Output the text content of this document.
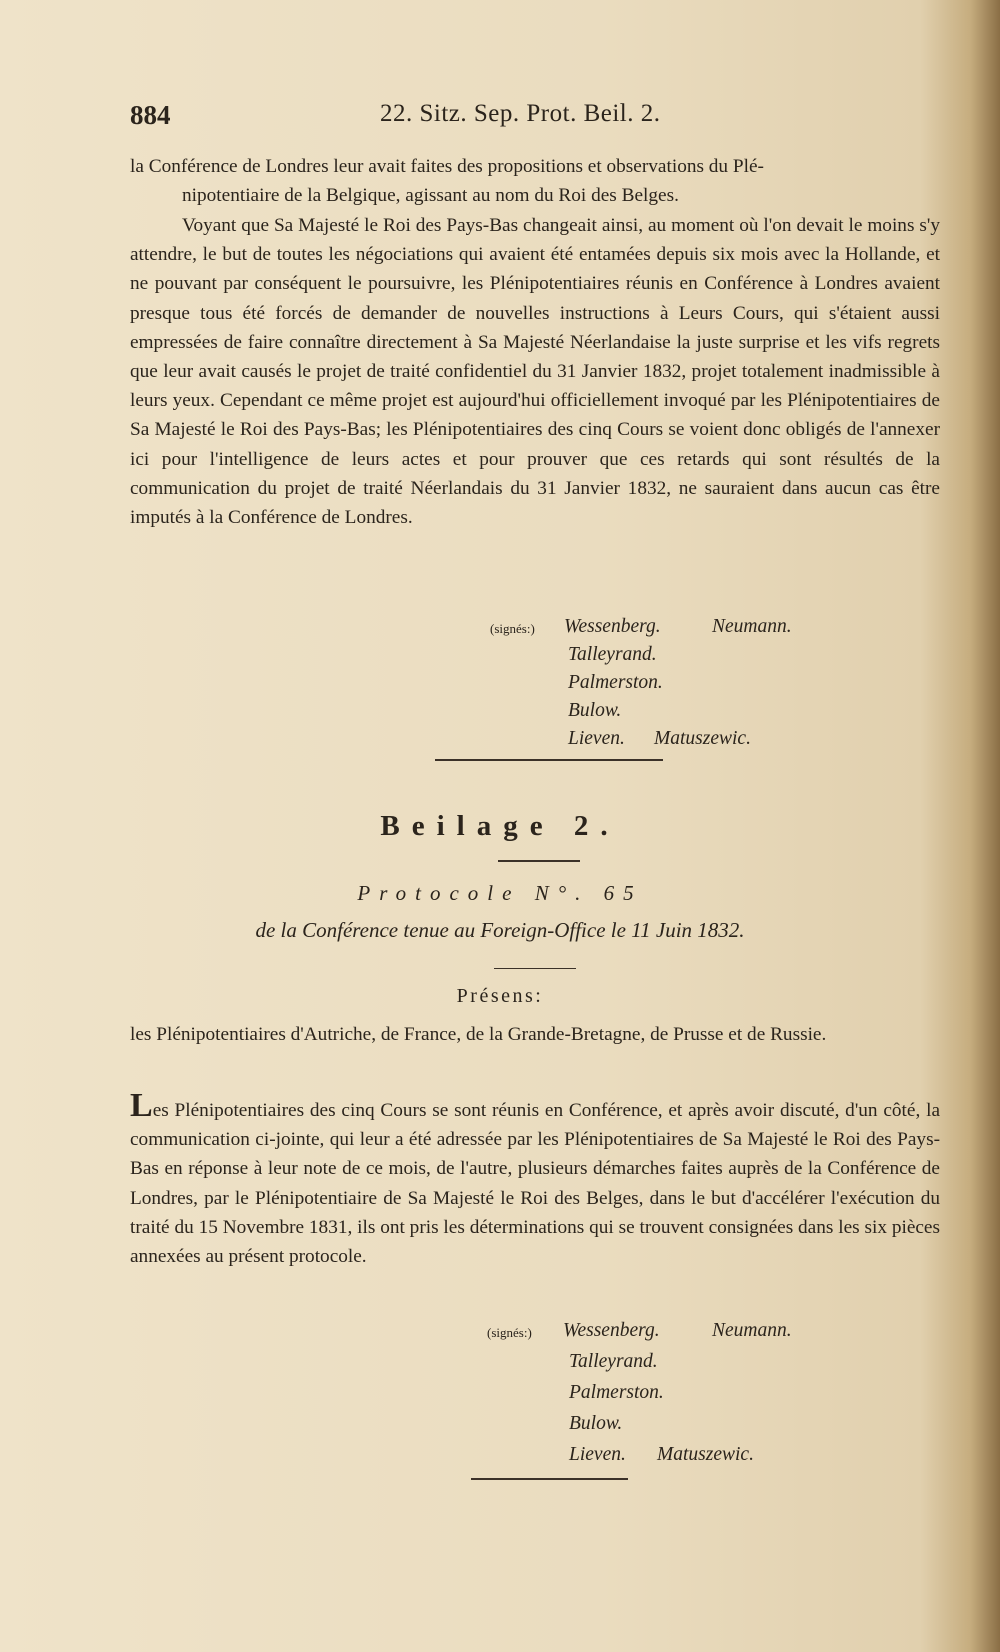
884	22. Sitz. Sep. Prot. Beil. 2.

la Conférence de Londres leur avait faites des propositions et observations du Plé-

nipotentiaire de la Belgique, agissant au nom du Roi des Belges.

Voyant que Sa Majesté le Roi des Pays-Bas changeait ainsi, au moment où l'on devait le moins s'y attendre, le but de toutes les négociations qui avaient été entamées depuis six mois avec la Hollande, et ne pouvant par conséquent le poursuivre, les Plénipotentiaires réunis en Conférence à Londres avaient presque tous été forcés de demander de nouvelles instructions à Leurs Cours, qui s'étaient aussi empressées de faire connaître directement à Sa Majesté Néerlandaise la juste surprise et les vifs regrets que leur avait causés le projet de traité confidentiel du 31 Janvier 1832, projet totalement inadmissible à leurs yeux. Cependant ce même projet est aujourd'hui officiellement invoqué par les Plénipotentiaires de Sa Majesté le Roi des Pays-Bas; les Plénipotentiaires des cinq Cours se voient donc obligés de l'annexer ici pour l'intelligence de leurs actes et pour prouver que ces retards qui sont résultés de la communication du projet de traité Néerlandais du 31 Janvier 1832, ne sauraient dans aucun cas être imputés à la Conférence de Londres.

(signés:) Wessenberg.	Neumann.
Talleyrand.
Palmerston.
Bulow.
Lieven. Matuszewic.
Beilage 2.
Protocole N°. 65
de la Conférence tenue au Foreign-Office le 11 Juin 1832.
Présens:

les Plénipotentiaires d'Autriche, de France, de la Grande-Bretagne, de Prusse et de Russie.

Les Plénipotentiaires des cinq Cours se sont réunis en Conférence, et après avoir discuté, d'un côté, la communication ci-jointe, qui leur a été adressée par les Plénipotentiaires de Sa Majesté le Roi des Pays-Bas en réponse à leur note de ce mois, de l'autre, plusieurs démarches faites auprès de la Conférence de Londres, par le Plénipotentiaire de Sa Majesté le Roi des Belges, dans le but d'accélérer l'exécution du traité du 15 Novembre 1831, ils ont pris les déterminations qui se trouvent consignées dans les six pièces annexées au présent protocole.

(signés:) Wessenberg.	Neumann.
Talleyrand.
Palmerston.
Bulow.
Lieven. Matuszewic.
